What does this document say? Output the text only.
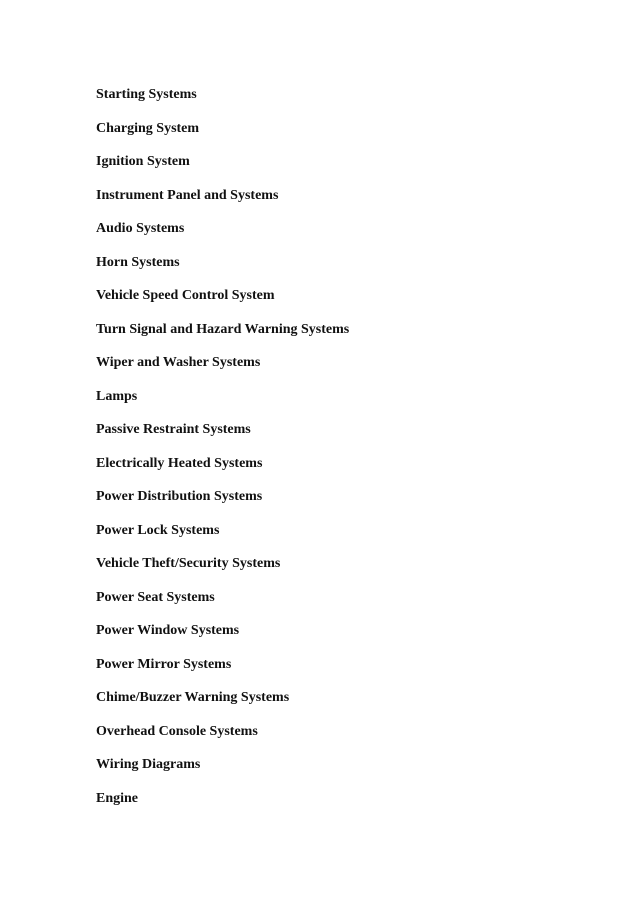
Starting Systems
Charging System
Ignition System
Instrument Panel and Systems
Audio Systems
Horn Systems
Vehicle Speed Control System
Turn Signal and Hazard Warning Systems
Wiper and Washer Systems
Lamps
Passive Restraint Systems
Electrically Heated Systems
Power Distribution Systems
Power Lock Systems
Vehicle Theft/Security Systems
Power Seat Systems
Power Window Systems
Power Mirror Systems
Chime/Buzzer Warning Systems
Overhead Console Systems
Wiring Diagrams
Engine
